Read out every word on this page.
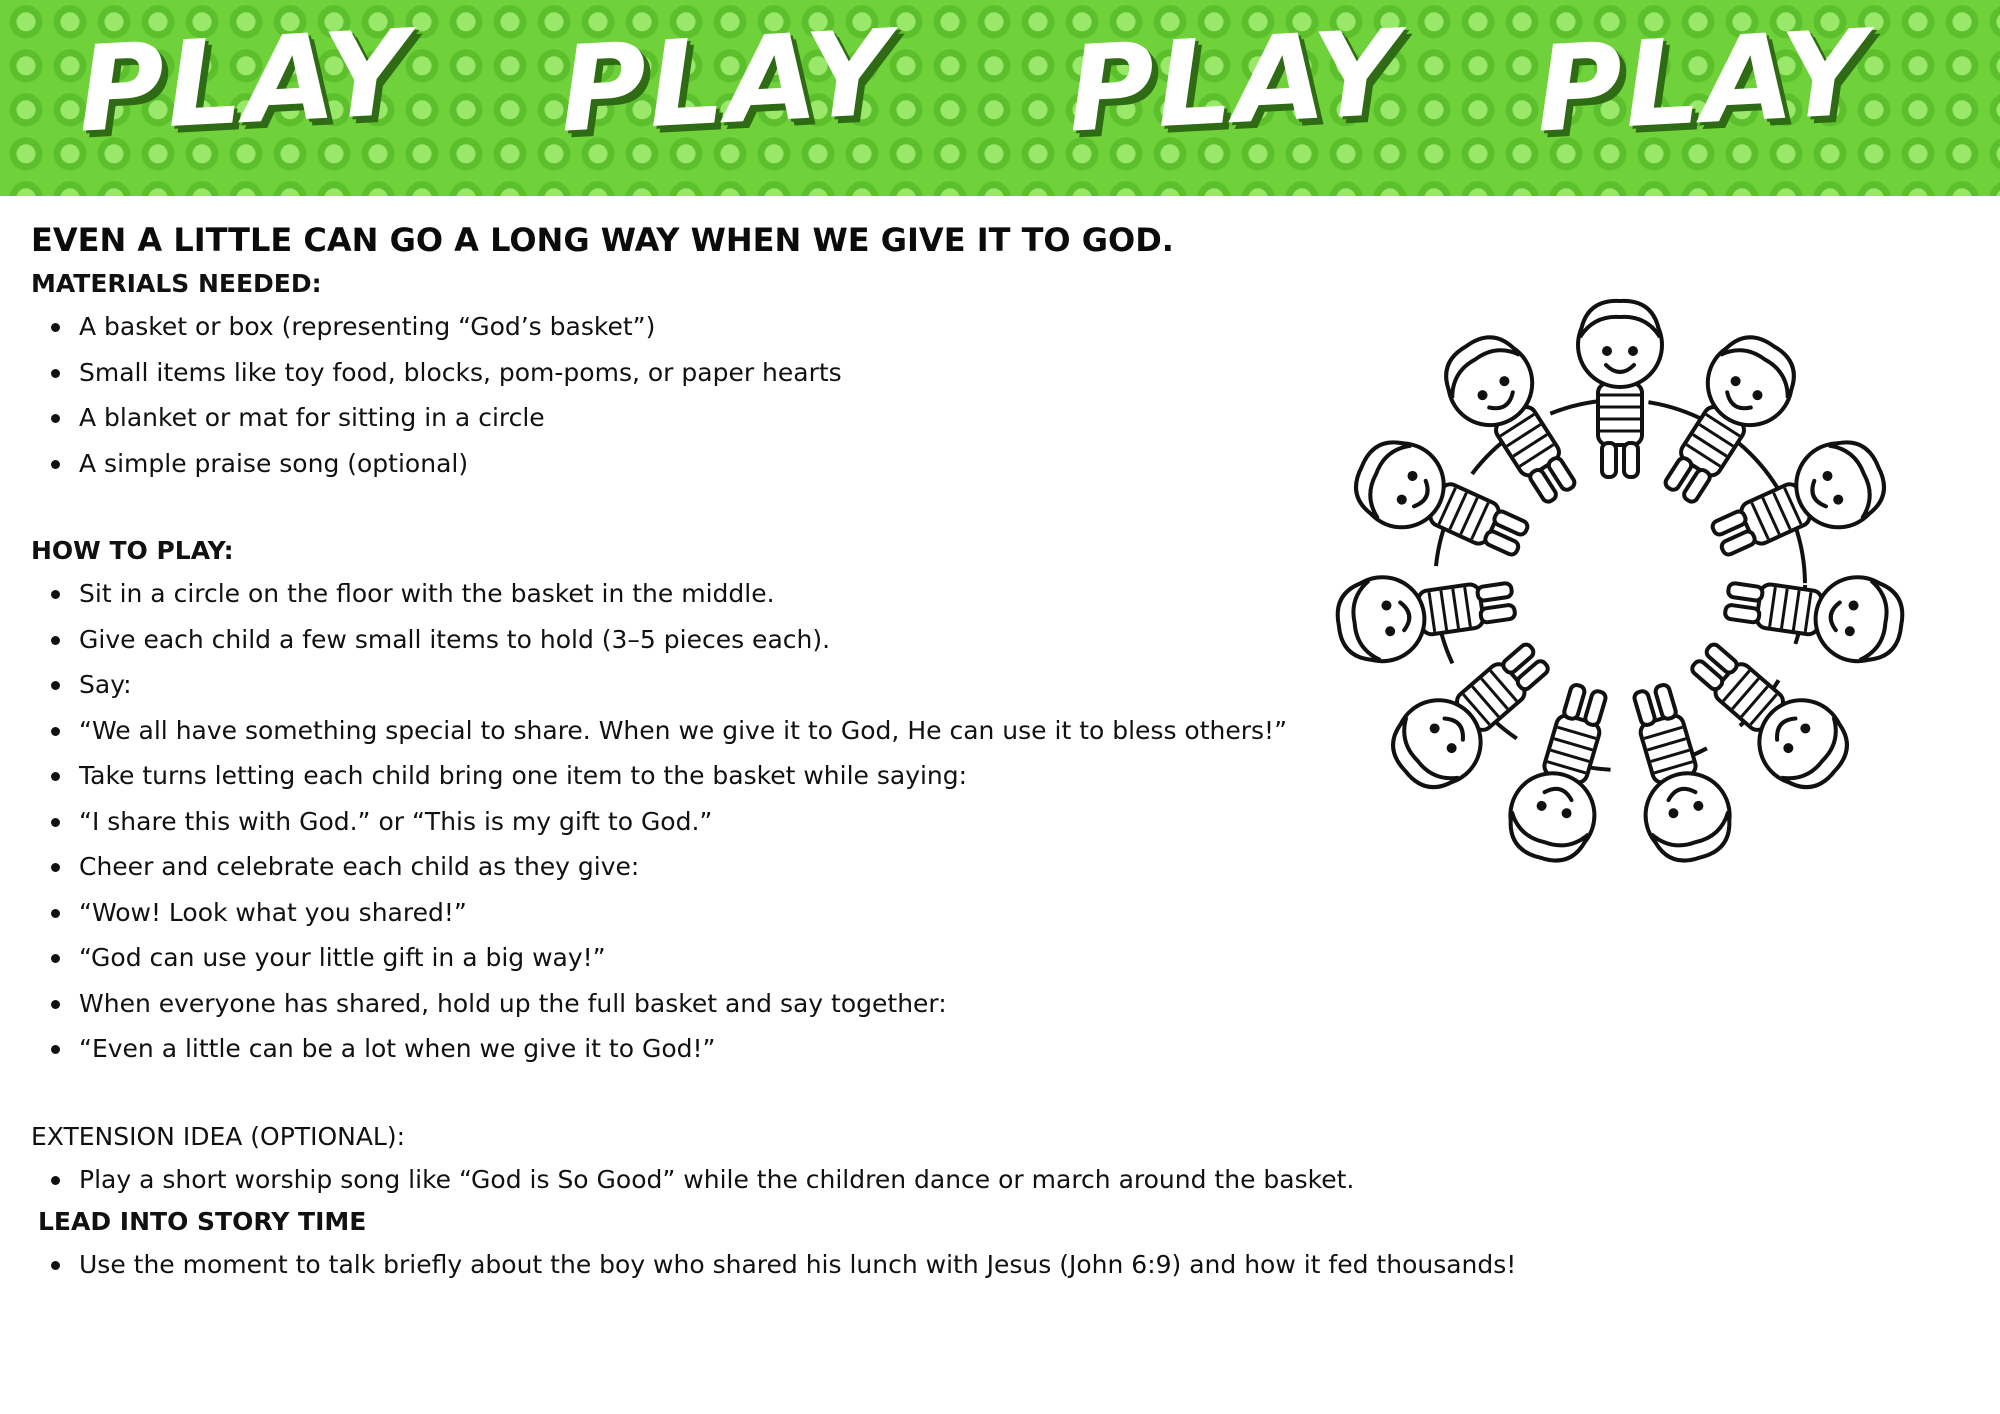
PLAY PLAY PLAY PLAY
EVEN A LITTLE CAN GO A LONG WAY WHEN WE GIVE IT TO GOD.
MATERIALS NEEDED:
A basket or box (representing “God’s basket”)
Small items like toy food, blocks, pom-poms, or paper hearts
A blanket or mat for sitting in a circle
A simple praise song (optional)
HOW TO PLAY:
Sit in a circle on the floor with the basket in the middle.
Give each child a few small items to hold (3–5 pieces each).
Say:
“We all have something special to share. When we give it to God, He can use it to bless others!”
Take turns letting each child bring one item to the basket while saying:
“I share this with God.” or “This is my gift to God.”
Cheer and celebrate each child as they give:
“Wow! Look what you shared!”
“God can use your little gift in a big way!”
When everyone has shared, hold up the full basket and say together:
“Even a little can be a lot when we give it to God!”
EXTENSION IDEA (OPTIONAL):
Play a short worship song like “God is So Good” while the children dance or march around the basket.
LEAD INTO STORY TIME
Use the moment to talk briefly about the boy who shared his lunch with Jesus (John 6:9) and how it fed thousands!
